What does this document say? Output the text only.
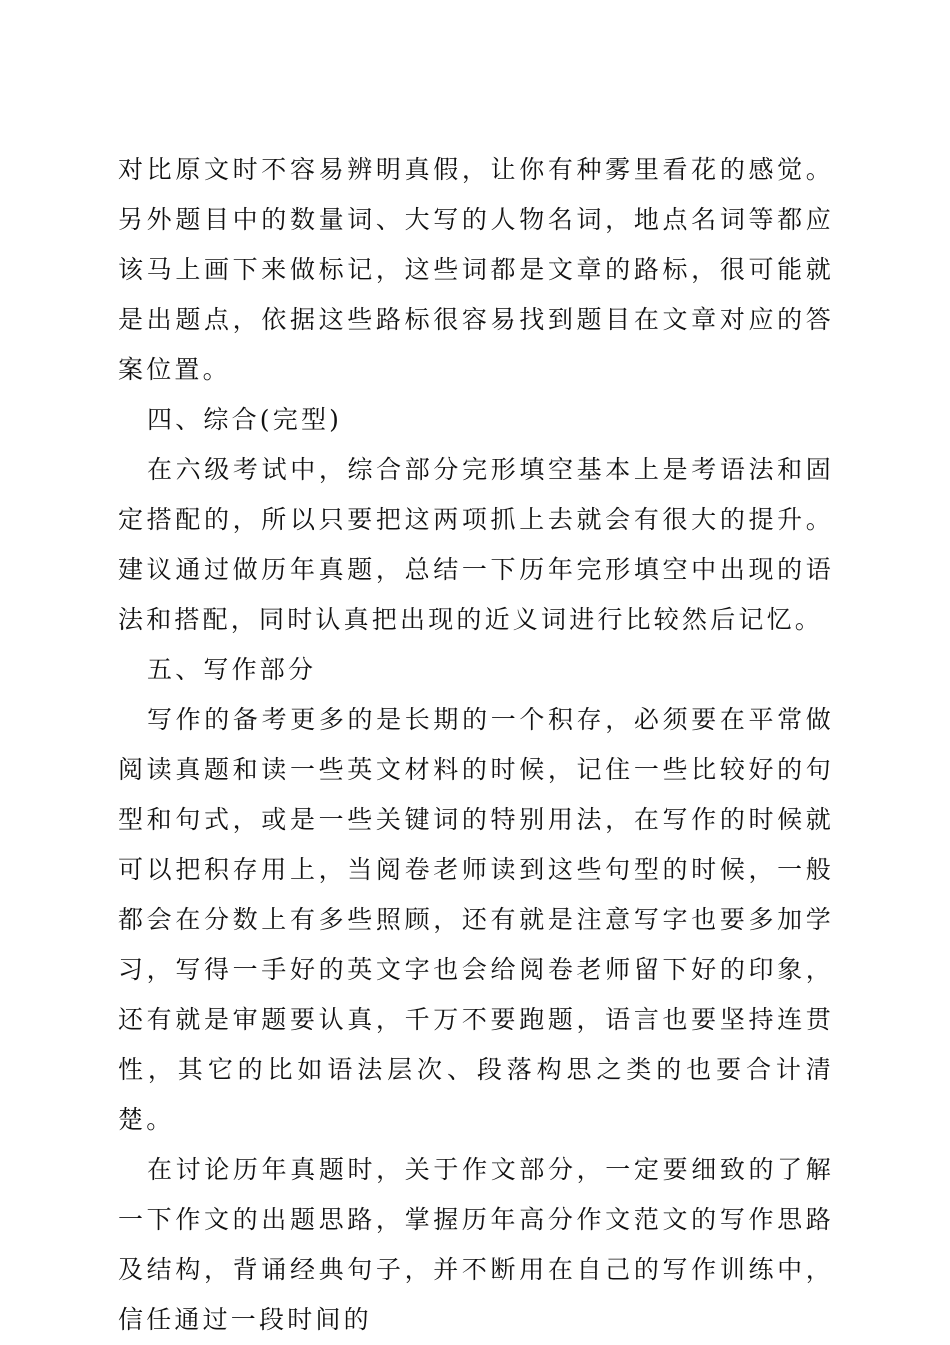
对比原文时不容易辨明真假，让你有种雾里看花的感觉。另外题目中的数量词、大写的人物名词，地点名词等都应该马上画下来做标记，这些词都是文章的路标，很可能就是出题点，依据这些路标很容易找到题目在文章对应的答案位置。

四、综合(完型)

在六级考试中，综合部分完形填空基本上是考语法和固定搭配的，所以只要把这两项抓上去就会有很大的提升。建议通过做历年真题，总结一下历年完形填空中出现的语法和搭配，同时认真把出现的近义词进行比较然后记忆。

五、写作部分

写作的备考更多的是长期的一个积存，必须要在平常做阅读真题和读一些英文材料的时候，记住一些比较好的句型和句式，或是一些关键词的特别用法，在写作的时候就可以把积存用上，当阅卷老师读到这些句型的时候，一般都会在分数上有多些照顾，还有就是注意写字也要多加学习，写得一手好的英文字也会给阅卷老师留下好的印象，还有就是审题要认真，千万不要跑题，语言也要坚持连贯性，其它的比如语法层次、段落构思之类的也要合计清楚。

在讨论历年真题时，关于作文部分，一定要细致的了解一下作文的出题思路，掌握历年高分作文范文的写作思路及结构，背诵经典句子，并不断用在自己的写作训练中，信任通过一段时间的
